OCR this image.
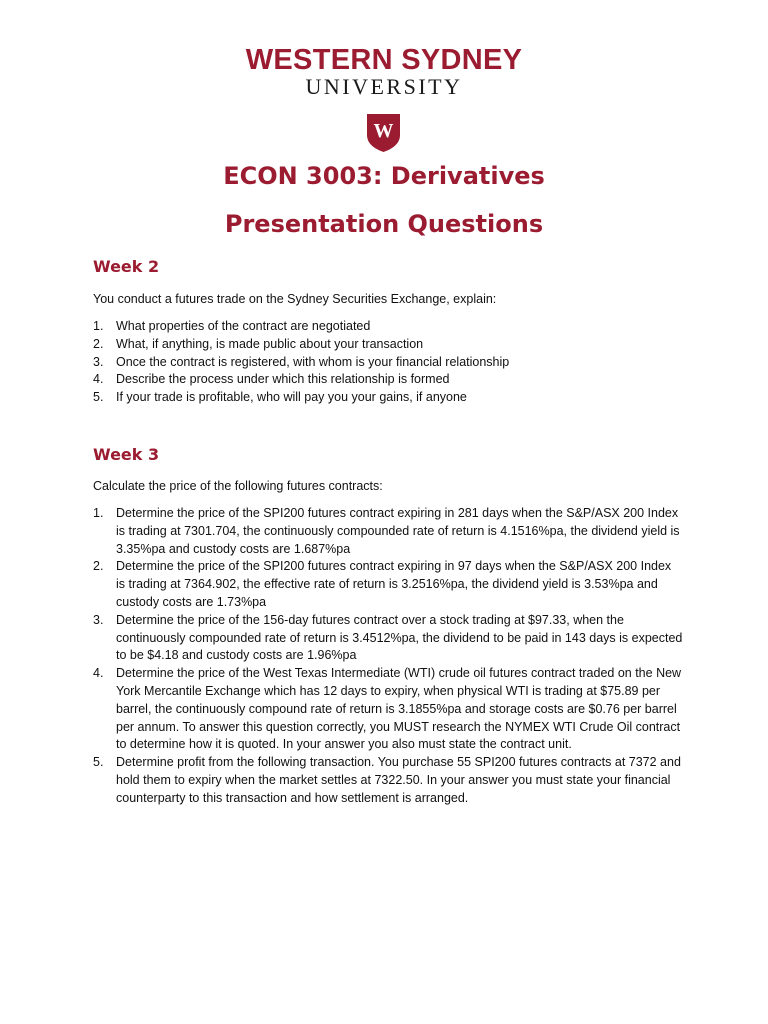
WESTERN SYDNEY
UNIVERSITY
W
ECON 3003: Derivatives
Presentation Questions
Week 2

You conduct a futures trade on the Sydney Securities Exchange, explain:

1. What properties of the contract are negotiated
2. What, if anything, is made public about your transaction
3. Once the contract is registered, with whom is your financial relationship
4. Describe the process under which this relationship is formed
5. If your trade is profitable, who will pay you your gains, if anyone
Week 3

Calculate the price of the following futures contracts:

1. Determine the price of the SPI200 futures contract expiring in 281 days when the S&P/ASX 200 Index is trading at 7301.704, the continuously compounded rate of return is 4.1516%pa, the dividend yield is 3.35%pa and custody costs are 1.687%pa
2. Determine the price of the SPI200 futures contract expiring in 97 days when the S&P/ASX 200 Index is trading at 7364.902, the effective rate of return is 3.2516%pa, the dividend yield is 3.53%pa and custody costs are 1.73%pa
3. Determine the price of the 156-day futures contract over a stock trading at $97.33, when the continuously compounded rate of return is 3.4512%pa, the dividend to be paid in 143 days is expected to be $4.18 and custody costs are 1.96%pa
4. Determine the price of the West Texas Intermediate (WTI) crude oil futures contract traded on the New York Mercantile Exchange which has 12 days to expiry, when physical WTI is trading at $75.89 per barrel, the continuously compound rate of return is 3.1855%pa and storage costs are $0.76 per barrel per annum. To answer this question correctly, you MUST research the NYMEX WTI Crude Oil contract to determine how it is quoted. In your answer you also must state the contract unit.
5. Determine profit from the following transaction. You purchase 55 SPI200 futures contracts at 7372 and hold them to expiry when the market settles at 7322.50. In your answer you must state your financial counterparty to this transaction and how settlement is arranged.
